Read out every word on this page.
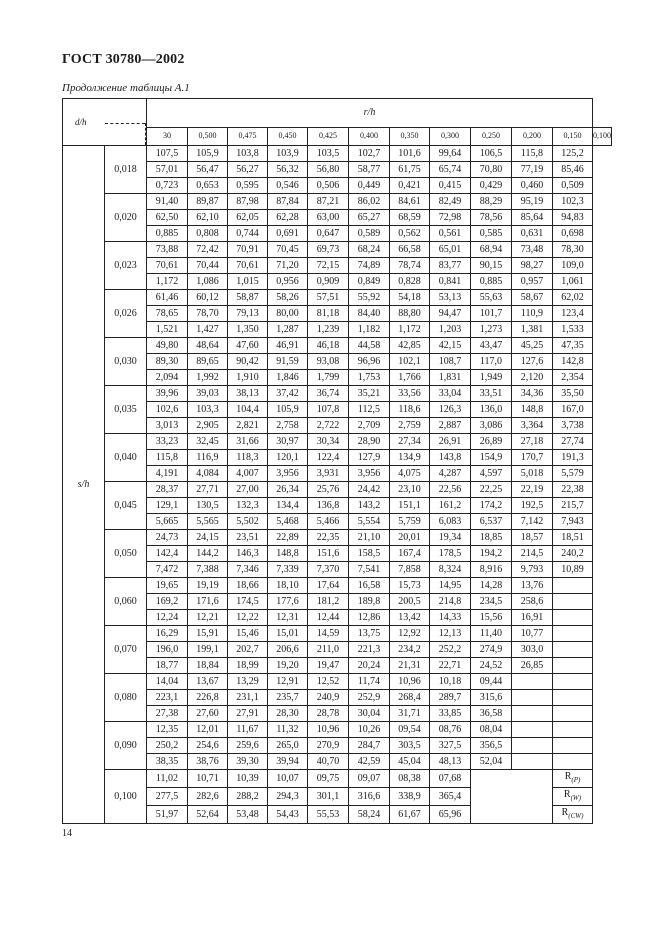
ГОСТ 30780—2002
Продолжение таблицы А.1
d/h		r/h											
		30	0,500	0,475	0,450	0,425	0,400	0,350	0,300	0,250	0,200	0,150	0,100
s/h	0,018	107,5	105,9	103,8	103,9	103,5	102,7	101,6	99,64	106,5	115,8	125,2	
		57,01	56,47	56,27	56,32	56,80	58,77	61,75	65,74	70,80	77,19	85,46	
		0,723	0,653	0,595	0,546	0,506	0,449	0,421	0,415	0,429	0,460	0,509	
	0,020	91,40	89,87	87,98	87,84	87,21	86,02	84,61	82,49	88,29	95,19	102,3	
		62,50	62,10	62,05	62,28	63,00	65,27	68,59	72,98	78,56	85,64	94,83	
		0,885	0,808	0,744	0,691	0,647	0,589	0,562	0,561	0,585	0,631	0,698	
	0,023	73,88	72,42	70,91	70,45	69,73	68,24	66,58	65,01	68,94	73,48	78,30	
		70,61	70,44	70,61	71,20	72,15	74,89	78,74	83,77	90,15	98,27	109,0	
		1,172	1,086	1,015	0,956	0,909	0,849	0,828	0,841	0,885	0,957	1,061	
	0,026	61,46	60,12	58,87	58,26	57,51	55,92	54,18	53,13	55,63	58,67	62,02	
		78,65	78,70	79,13	80,00	81,18	84,40	88,80	94,47	101,7	110,9	123,4	
		1,521	1,427	1,350	1,287	1,239	1,182	1,172	1,203	1,273	1,381	1,533	
	0,030	49,80	48,64	47,60	46,91	46,18	44,58	42,85	42,15	43,47	45,25	47,35	
		89,30	89,65	90,42	91,59	93,08	96,96	102,1	108,7	117,0	127,6	142,8	
		2,094	1,992	1,910	1,846	1,799	1,753	1,766	1,831	1,949	2,120	2,354	
	0,035	39,96	39,03	38,13	37,42	36,74	35,21	33,56	33,04	33,51	34,36	35,50	
		102,6	103,3	104,4	105,9	107,8	112,5	118,6	126,3	136,0	148,8	167,0	
		3,013	2,905	2,821	2,758	2,722	2,709	2,759	2,887	3,086	3,364	3,738	
	0,040	33,23	32,45	31,66	30,97	30,34	28,90	27,34	26,91	26,89	27,18	27,74	
		115,8	116,9	118,3	120,1	122,4	127,9	134,9	143,8	154,9	170,7	191,3	
		4,191	4,084	4,007	3,956	3,931	3,956	4,075	4,287	4,597	5,018	5,579	
	0,045	28,37	27,71	27,00	26,34	25,76	24,42	23,10	22,56	22,25	22,19	22,38	
		129,1	130,5	132,3	134,4	136,8	143,2	151,1	161,2	174,2	192,5	215,7	
		5,665	5,565	5,502	5,468	5,466	5,554	5,759	6,083	6,537	7,142	7,943	
	0,050	24,73	24,15	23,51	22,89	22,35	21,10	20,01	19,34	18,85	18,57	18,51	
		142,4	144,2	146,3	148,8	151,6	158,5	167,4	178,5	194,2	214,5	240,2	
		7,472	7,388	7,346	7,339	7,370	7,541	7,858	8,324	8,916	9,793	10,89	
	0,060	19,65	19,19	18,66	18,10	17,64	16,58	15,73	14,95	14,28	13,76		
		169,2	171,6	174,5	177,6	181,2	189,8	200,5	214,8	234,5	258,6		
		12,24	12,21	12,22	12,31	12,44	12,86	13,42	14,33	15,56	16,91		
	0,070	16,29	15,91	15,46	15,01	14,59	13,75	12,92	12,13	11,40	10,77		
		196,0	199,1	202,7	206,6	211,0	221,3	234,2	252,2	274,9	303,0		
		18,77	18,84	18,99	19,20	19,47	20,24	21,31	22,71	24,52	26,85		
	0,080	14,04	13,67	13,29	12,91	12,52	11,74	10,96	10,18	09,44			
		223,1	226,8	231,1	235,7	240,9	252,9	268,4	289,7	315,6			
		27,38	27,60	27,91	28,30	28,78	30,04	31,71	33,85	36,58			
	0,090	12,35	12,01	11,67	11,32	10,96	10,26	09,54	08,76	08,04			
		250,2	254,6	259,6	265,0	270,9	284,7	303,5	327,5	356,5			
		38,35	38,76	39,30	39,94	40,70	42,59	45,04	48,13	52,04			
	0,100	11,02	10,71	10,39	10,07	09,75	09,07	08,38	07,68			$R_{(P)}$
		277,5	282,6	288,2	294,3	301,1	316,6	338,9	365,4			$R_{(W)}$
		51,97	52,64	53,48	54,43	55,53	58,24	61,67	65,96			$R_{(CW)}$
14
